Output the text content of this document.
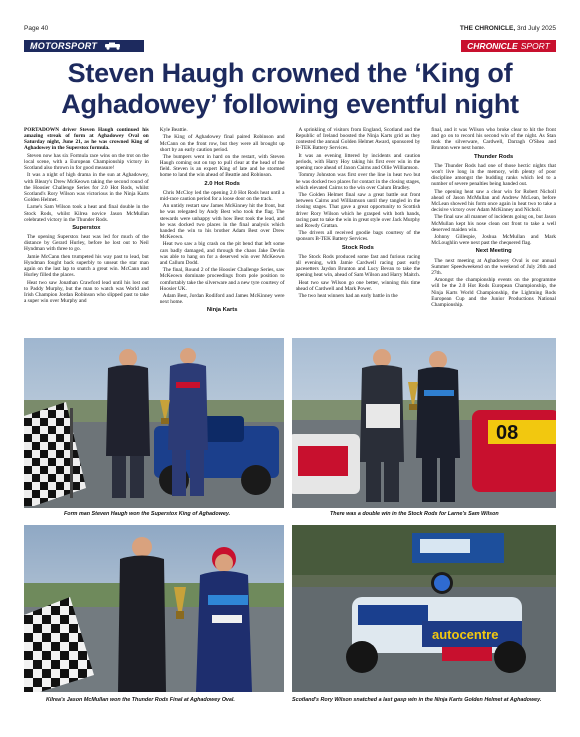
Page 40	THE CHRONICLE, 3rd July 2025
MOTORSPORT	CHRONICLE SPORT
Steven Haugh crowned the ‘King of
Aghadowey’ following eventful night

PORTADOWN driver Steven Haugh continued his amazing streak of form at Aghadowey Oval on Saturday night, June 21, as he was crowned King of Aghadowey in the Superstox formula.

Steven now has six Formula race wins on the trot on the local scene, with a European Championship victory in Scotland also thrown in for good measure!

It was a night of high drama in the sun at Aghadowey, with Bleary's Drew McKeown taking the second round of the Hoosier Challenge Series for 2.0 Hot Rods, whilst Scotland's Rory Wilson was victorious in the Ninja Karts Golden Helmet.

Larne's Sam Wilson took a heat and final double in the Stock Rods, whilst Kilrea novice Jason McMullan celebrated victory in the Thunder Rods.

Superstox

The opening Superstox heat was led for much of the distance by Gerard Hurley, before he lost out to Neil Hyndman with three to go.

Jamie McCann then trumpeted his way past to lead, but Hyndman fought back superbly to unseat the star man again on the last lap to snatch a great win. McCann and Hurley filled the places.

Heat two saw Jonathan Crawford lead until his lost out to Paddy Murphy, but the man to watch was World and Irish Champion Jordan Robinson who slipped past to take a super win over Murphy and

Kyle Beattie.

The King of Aghadowey final paired Robinson and McCann on the front row, but they were all brought up short by an early caution period.

The bumpers went in hard on the restart, with Steven Haugh coming out on top to pull clear at the head of the field. Steven is an expert King of late and he stormed home to land the win ahead of Beattie and Robinson.

2.0 Hot Rods

Chris McCloy led the opening 2.0 Hot Rods heat until a mid-race caution period for a loose door on the track.

An untidy restart saw James McKinney hit the front, but he was relegated by Andy Best who took the flag. The stewards were unhappy with how Best took the lead, and he was docked two places in the final analysis which handed the win to his brother Adam Best over Drew McKeown.

Heat two saw a big crash on the pit bend that left some cars badly damaged, and through the chaos Jake Devlin was able to hang on for a deserved win over McKeown and Callum Dodd.

The final, Round 2 of the Hoosier Challenge Series, saw McKeown dominate proceedings from pole position to comfortably take the silverware and a new tyre courtesy of Hoosier UK.

Adam Best, Jordan Rodiford and James McKinney were next home.

Ninja Karts

A sprinkling of visitors from England, Scotland and the Republic of Ireland boosted the Ninja Karts grid as they contested the annual Golden Helmet Award, sponsored by B-TEK Battery Services.

It was an evening littered by incidents and caution periods, with Harry Hoy taking his first ever win in the opening race ahead of Jaxon Cairns and Ollie Williamson.

Tommy Johnston was first over the line in heat two but he was docked two places for contact in the closing stages, which elevated Cairns to the win over Calum Bradley.

The Golden Helmet final saw a great battle out front between Cairns and Williamson until they tangled in the closing stages. That gave a great opportunity to Scottish driver Rory Wilson which he grasped with both hands, racing past to take the win in great style over Jack Murphy and Rowdy Grattan.

The drivers all received goodie bags courtesy of the sponsors B-TEK Battery Services.

Stock Rods

The Stock Rods produced some fast and furious racing all evening, with Jamie Cardwell racing past early pacesetters Jaydon Brunton and Lucy Bevan to take the opening heat win, ahead of Sam Wilson and Harry Maitch.

Heat two saw Wilson go one better, winning this time ahead of Cardwell and Mark Power.

The two heat winners had an early battle in the

final, and it was Wilson who broke clear to hit the front and go on to record his second win of the night. As Stan took the silverware, Cardwell, Darragh O'Shea and Brunton were next home.

Thunder Rods

The Thunder Rods had one of those hectic nights that won't live long in the memory, with plenty of poor discipline amongst the budding ranks which led to a number of severe penalties being handed out.

The opening heat saw a clear win for Robert Nicholl ahead of Jason McMullan and Andrew McLean, before McLean showed his form once again in heat two to take a decisive victory over Adam McKinney and Nicholl.

The final saw all manner of incidents going on, but Jason McMullan kept his nose clean out front to take a well deserved maiden win.

Johnny Gillespie, Joshua McMullan and Mark McLoughlin were next past the chequered flag.

Next Meeting

The next meeting at Aghadowey Oval is our annual Summer Speedweekend on the weekend of July 26th and 27th.

Amongst the championship events on the programme will be the 2.0 Hot Rods European Championship, the Ninja Karts World Championship, the Lightning Rods European Cup and the Junior Productions National Championship.

Form man Steven Haugh won the Superstox King of Aghadowey.
08
There was a double win in the Stock Rods for Larne's Sam Wilson
Kilrea's Jason McMullan won the Thunder Rods Final at Aghadowey Oval.
autocentre
Scotland's Rory Wilson snatched a last gasp win in the Ninja Karts Golden Helmet at Aghadowey.
